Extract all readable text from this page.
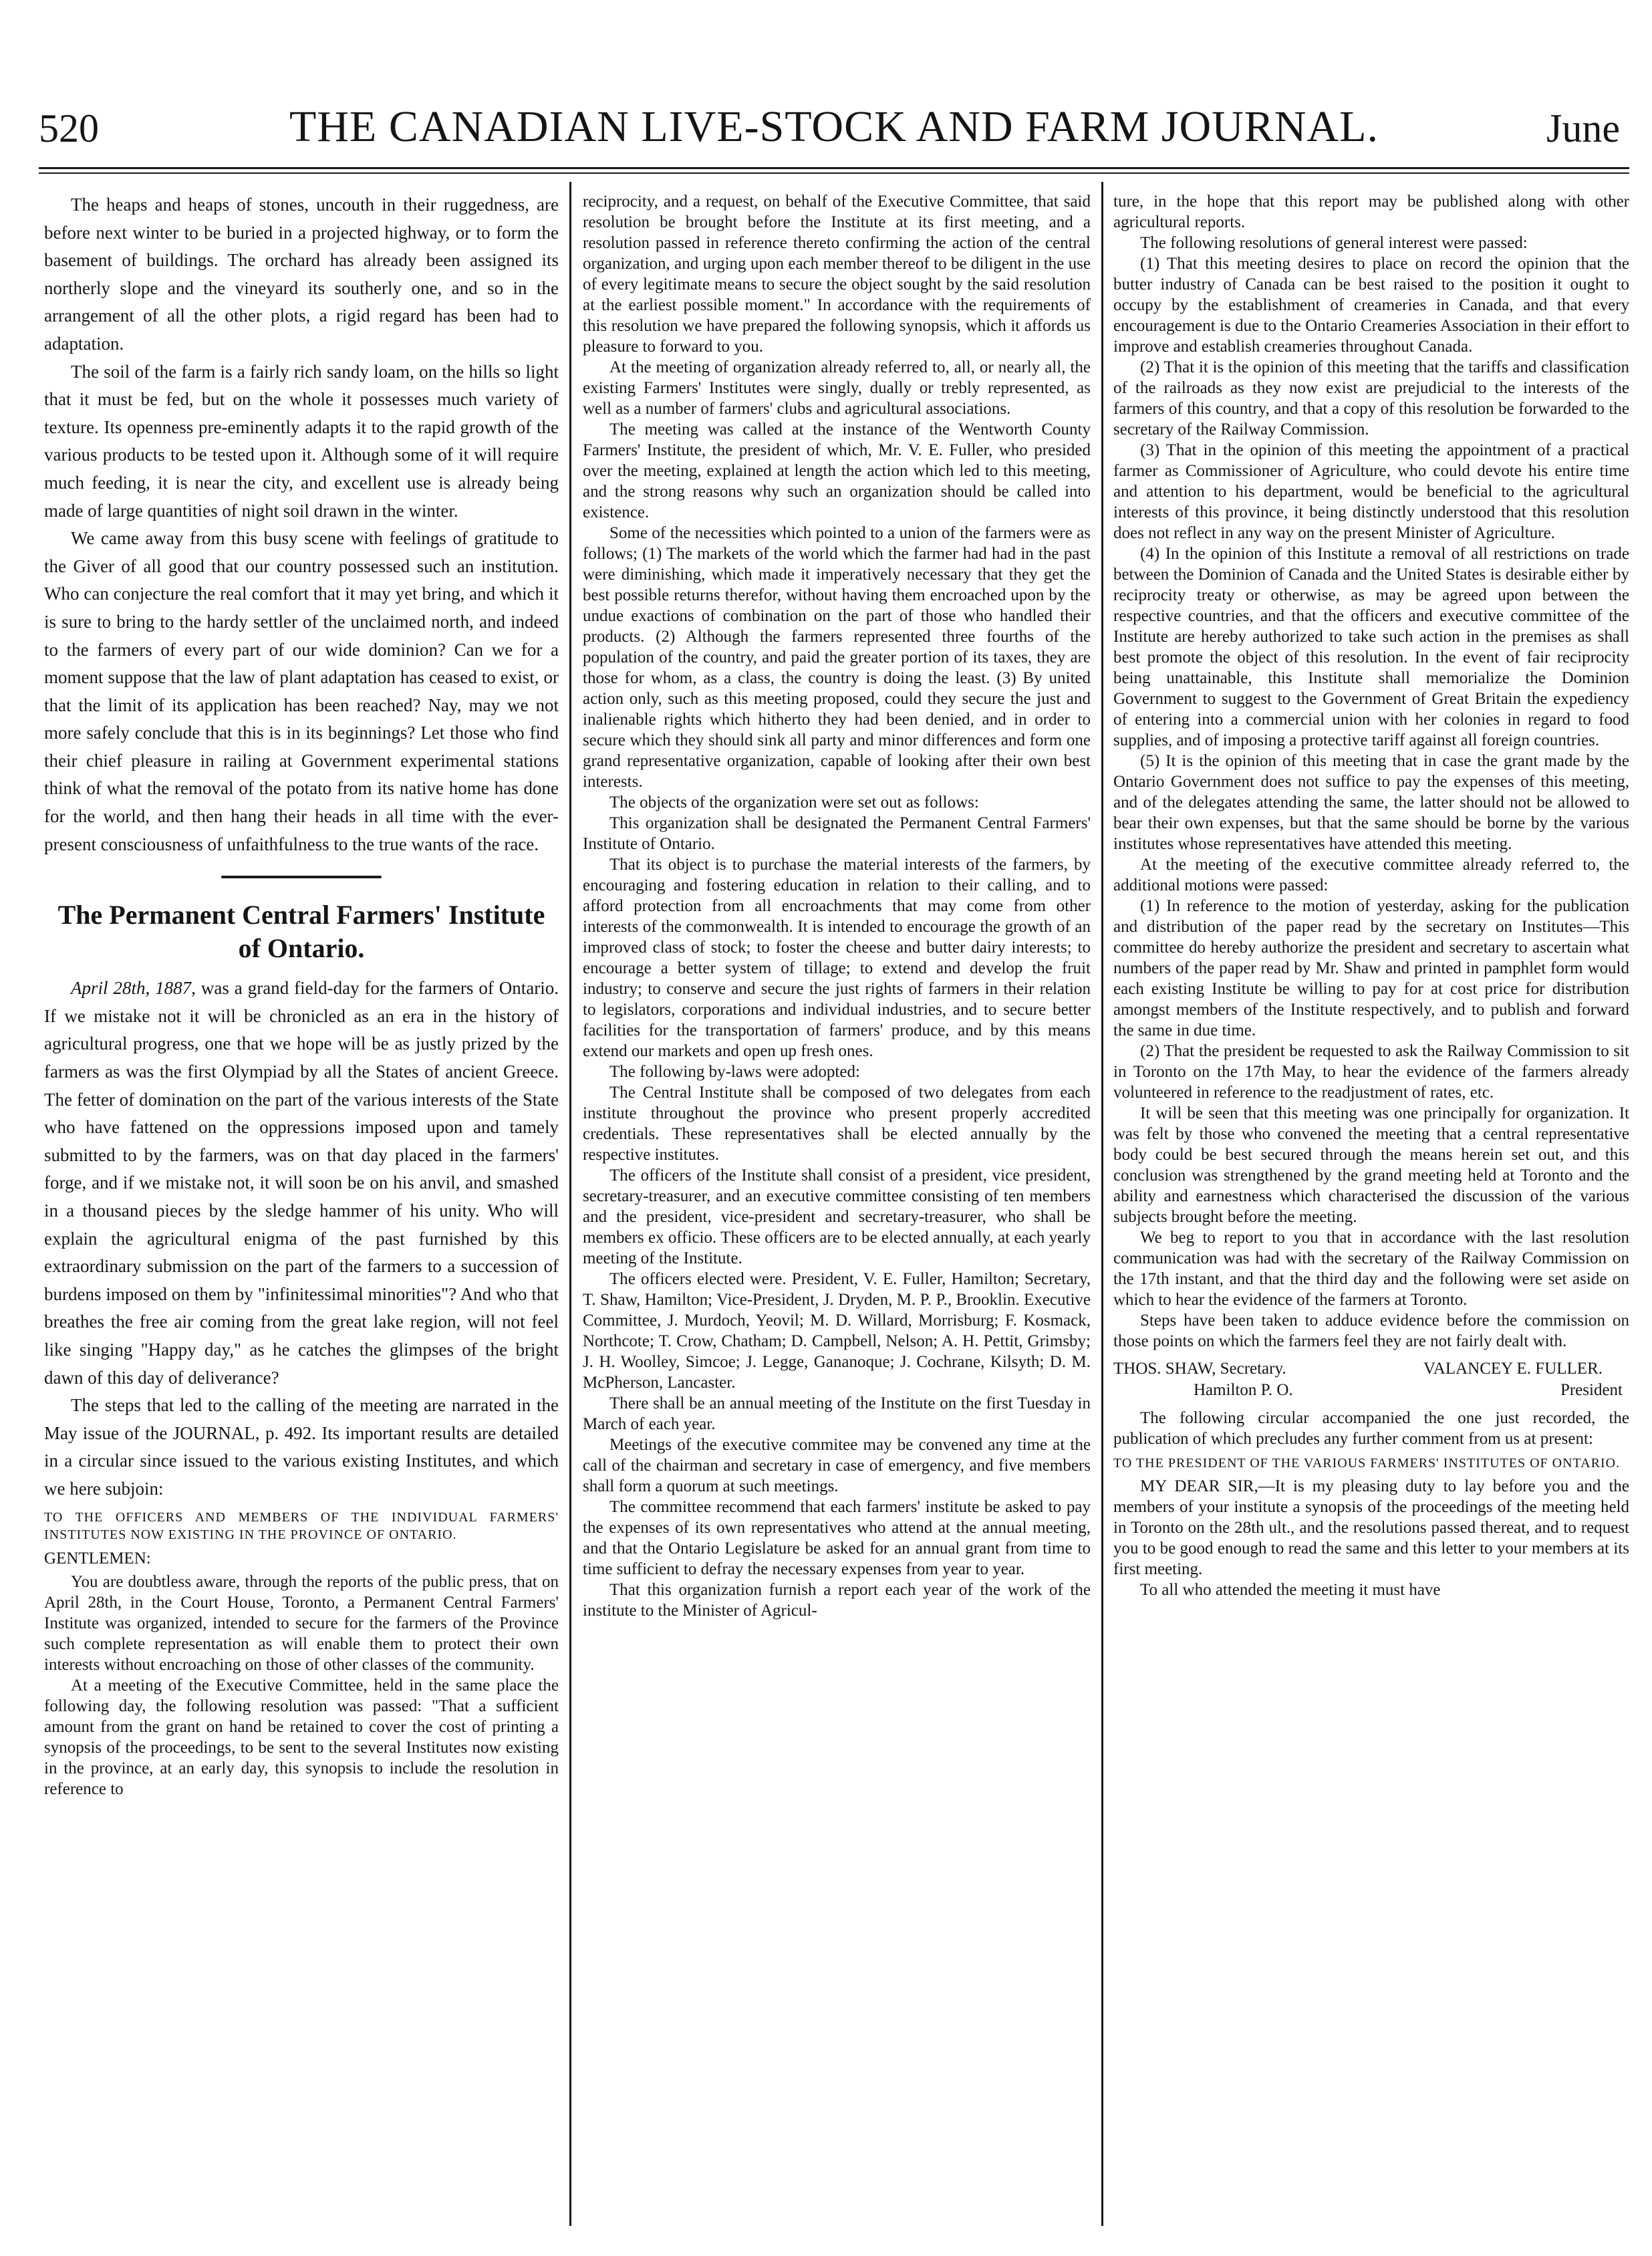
520	THE CANADIAN LIVE-STOCK AND FARM JOURNAL.	June

The heaps and heaps of stones, uncouth in their ruggedness, are before next winter to be buried in a projected highway, or to form the basement of buildings. The orchard has already been assigned its northerly slope and the vineyard its southerly one, and so in the arrangement of all the other plots, a rigid regard has been had to adaptation.

The soil of the farm is a fairly rich sandy loam, on the hills so light that it must be fed, but on the whole it possesses much variety of texture. Its openness pre-eminently adapts it to the rapid growth of the various products to be tested upon it. Although some of it will require much feeding, it is near the city, and excellent use is already being made of large quantities of night soil drawn in the winter.

We came away from this busy scene with feelings of gratitude to the Giver of all good that our country possessed such an institution. Who can conjecture the real comfort that it may yet bring, and which it is sure to bring to the hardy settler of the unclaimed north, and indeed to the farmers of every part of our wide dominion? Can we for a moment suppose that the law of plant adaptation has ceased to exist, or that the limit of its application has been reached? Nay, may we not more safely conclude that this is in its beginnings? Let those who find their chief pleasure in railing at Government experimental stations think of what the removal of the potato from its native home has done for the world, and then hang their heads in all time with the ever-present consciousness of unfaithfulness to the true wants of the race.

The Permanent Central Farmers' Institute of Ontario.

April 28th, 1887, was a grand field-day for the farmers of Ontario. If we mistake not it will be chronicled as an era in the history of agricultural progress, one that we hope will be as justly prized by the farmers as was the first Olympiad by all the States of ancient Greece. The fetter of domination on the part of the various interests of the State who have fattened on the oppressions imposed upon and tamely submitted to by the farmers, was on that day placed in the farmers' forge, and if we mistake not, it will soon be on his anvil, and smashed in a thousand pieces by the sledge hammer of his unity. Who will explain the agricultural enigma of the past furnished by this extraordinary submission on the part of the farmers to a succession of burdens imposed on them by "infinitessimal minorities"? And who that breathes the free air coming from the great lake region, will not feel like singing "Happy day," as he catches the glimpses of the bright dawn of this day of deliverance?

The steps that led to the calling of the meeting are narrated in the May issue of the JOURNAL, p. 492. Its important results are detailed in a circular since issued to the various existing Institutes, and which we here subjoin:

TO THE OFFICERS AND MEMBERS OF THE INDIVIDUAL FARMERS' INSTITUTES NOW EXISTING IN THE PROVINCE OF ONTARIO.
GENTLEMEN:

You are doubtless aware, through the reports of the public press, that on April 28th, in the Court House, Toronto, a Permanent Central Farmers' Institute was organized, intended to secure for the farmers of the Province such complete representation as will enable them to protect their own interests without encroaching on those of other classes of the community.

At a meeting of the Executive Committee, held in the same place the following day, the following resolution was passed: "That a sufficient amount from the grant on hand be retained to cover the cost of printing a synopsis of the proceedings, to be sent to the several Institutes now existing in the province, at an early day, this synopsis to include the resolution in reference to

reciprocity, and a request, on behalf of the Executive Committee, that said resolution be brought before the Institute at its first meeting, and a resolution passed in reference thereto confirming the action of the central organization, and urging upon each member thereof to be diligent in the use of every legitimate means to secure the object sought by the said resolution at the earliest possible moment." In accordance with the requirements of this resolution we have prepared the following synopsis, which it affords us pleasure to forward to you.

At the meeting of organization already referred to, all, or nearly all, the existing Farmers' Institutes were singly, dually or trebly represented, as well as a number of farmers' clubs and agricultural associations.

The meeting was called at the instance of the Wentworth County Farmers' Institute, the president of which, Mr. V. E. Fuller, who presided over the meeting, explained at length the action which led to this meeting, and the strong reasons why such an organization should be called into existence.

Some of the necessities which pointed to a union of the farmers were as follows; (1) The markets of the world which the farmer had had in the past were diminishing, which made it imperatively necessary that they get the best possible returns therefor, without having them encroached upon by the undue exactions of combination on the part of those who handled their products. (2) Although the farmers represented three fourths of the population of the country, and paid the greater portion of its taxes, they are those for whom, as a class, the country is doing the least. (3) By united action only, such as this meeting proposed, could they secure the just and inalienable rights which hitherto they had been denied, and in order to secure which they should sink all party and minor differences and form one grand representative organization, capable of looking after their own best interests.

The objects of the organization were set out as follows:

This organization shall be designated the Permanent Central Farmers' Institute of Ontario.

That its object is to purchase the material interests of the farmers, by encouraging and fostering education in relation to their calling, and to afford protection from all encroachments that may come from other interests of the commonwealth. It is intended to encourage the growth of an improved class of stock; to foster the cheese and butter dairy interests; to encourage a better system of tillage; to extend and develop the fruit industry; to conserve and secure the just rights of farmers in their relation to legislators, corporations and individual industries, and to secure better facilities for the transportation of farmers' produce, and by this means extend our markets and open up fresh ones.

The following by-laws were adopted:

The Central Institute shall be composed of two delegates from each institute throughout the province who present properly accredited credentials. These representatives shall be elected annually by the respective institutes.

The officers of the Institute shall consist of a president, vice president, secretary-treasurer, and an executive committee consisting of ten members and the president, vice-president and secretary-treasurer, who shall be members ex officio. These officers are to be elected annually, at each yearly meeting of the Institute.

The officers elected were. President, V. E. Fuller, Hamilton; Secretary, T. Shaw, Hamilton; Vice-President, J. Dryden, M. P. P., Brooklin. Executive Committee, J. Murdoch, Yeovil; M. D. Willard, Morrisburg; F. Kosmack, Northcote; T. Crow, Chatham; D. Campbell, Nelson; A. H. Pettit, Grimsby; J. H. Woolley, Simcoe; J. Legge, Gananoque; J. Cochrane, Kilsyth; D. M. McPherson, Lancaster.

There shall be an annual meeting of the Institute on the first Tuesday in March of each year.

Meetings of the executive commitee may be convened any time at the call of the chairman and secretary in case of emergency, and five members shall form a quorum at such meetings.

The committee recommend that each farmers' institute be asked to pay the expenses of its own representatives who attend at the annual meeting, and that the Ontario Legislature be asked for an annual grant from time to time sufficient to defray the necessary expenses from year to year.

That this organization furnish a report each year of the work of the institute to the Minister of Agricul-

ture, in the hope that this report may be published along with other agricultural reports.

The following resolutions of general interest were passed:

(1) That this meeting desires to place on record the opinion that the butter industry of Canada can be best raised to the position it ought to occupy by the establishment of creameries in Canada, and that every encouragement is due to the Ontario Creameries Association in their effort to improve and establish creameries throughout Canada.

(2) That it is the opinion of this meeting that the tariffs and classification of the railroads as they now exist are prejudicial to the interests of the farmers of this country, and that a copy of this resolution be forwarded to the secretary of the Railway Commission.

(3) That in the opinion of this meeting the appointment of a practical farmer as Commissioner of Agriculture, who could devote his entire time and attention to his department, would be beneficial to the agricultural interests of this province, it being distinctly understood that this resolution does not reflect in any way on the present Minister of Agriculture.

(4) In the opinion of this Institute a removal of all restrictions on trade between the Dominion of Canada and the United States is desirable either by reciprocity treaty or otherwise, as may be agreed upon between the respective countries, and that the officers and executive committee of the Institute are hereby authorized to take such action in the premises as shall best promote the object of this resolution. In the event of fair reciprocity being unattainable, this Institute shall memorialize the Dominion Government to suggest to the Government of Great Britain the expediency of entering into a commercial union with her colonies in regard to food supplies, and of imposing a protective tariff against all foreign countries.

(5) It is the opinion of this meeting that in case the grant made by the Ontario Government does not suffice to pay the expenses of this meeting, and of the delegates attending the same, the latter should not be allowed to bear their own expenses, but that the same should be borne by the various institutes whose representatives have attended this meeting.

At the meeting of the executive committee already referred to, the additional motions were passed:

(1) In reference to the motion of yesterday, asking for the publication and distribution of the paper read by the secretary on Institutes—This committee do hereby authorize the president and secretary to ascertain what numbers of the paper read by Mr. Shaw and printed in pamphlet form would each existing Institute be willing to pay for at cost price for distribution amongst members of the Institute respectively, and to publish and forward the same in due time.

(2) That the president be requested to ask the Railway Commission to sit in Toronto on the 17th May, to hear the evidence of the farmers already volunteered in reference to the readjustment of rates, etc.

It will be seen that this meeting was one principally for organization. It was felt by those who convened the meeting that a central representative body could be best secured through the means herein set out, and this conclusion was strengthened by the grand meeting held at Toronto and the ability and earnestness which characterised the discussion of the various subjects brought before the meeting.

We beg to report to you that in accordance with the last resolution communication was had with the secretary of the Railway Commission on the 17th instant, and that the third day and the following were set aside on which to hear the evidence of the farmers at Toronto.

Steps have been taken to adduce evidence before the commission on those points on which the farmers feel they are not fairly dealt with.

THOS. SHAW, Secretary.	VALANCEY E. FULLER.
Hamilton P. O.	President

The following circular accompanied the one just recorded, the publication of which precludes any further comment from us at present:

TO THE PRESIDENT OF THE VARIOUS FARMERS' INSTITUTES OF ONTARIO.

MY DEAR SIR,—It is my pleasing duty to lay before you and the members of your institute a synopsis of the proceedings of the meeting held in Toronto on the 28th ult., and the resolutions passed thereat, and to request you to be good enough to read the same and this letter to your members at its first meeting.

To all who attended the meeting it must have
